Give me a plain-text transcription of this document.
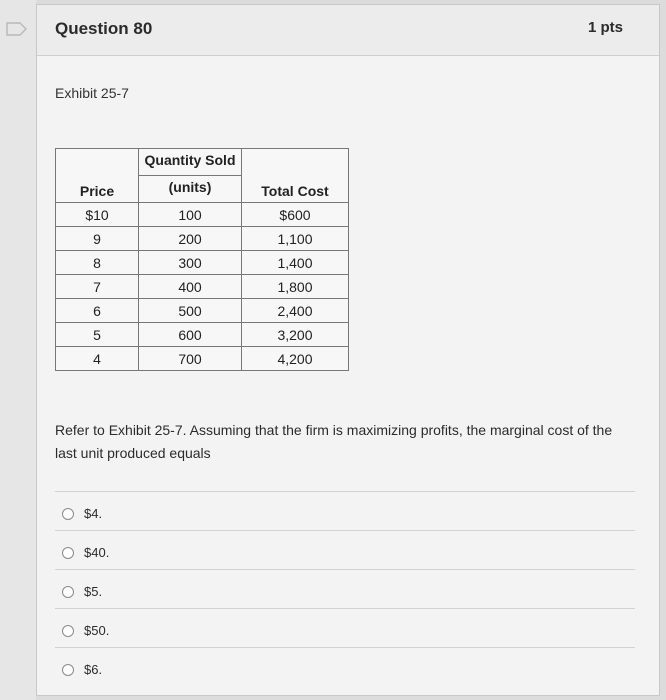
Question 80	1 pts
Exhibit 25-7
Price	Quantity Sold	Total Cost
	(units)	
$10	100	$600
9	200	1,100
8	300	1,400
7	400	1,800
6	500	2,400
5	600	3,200
4	700	4,200
Refer to Exhibit 25-7. Assuming that the firm is maximizing profits, the marginal cost of the last unit produced equals
$4.
$40.
$5.
$50.
$6.
